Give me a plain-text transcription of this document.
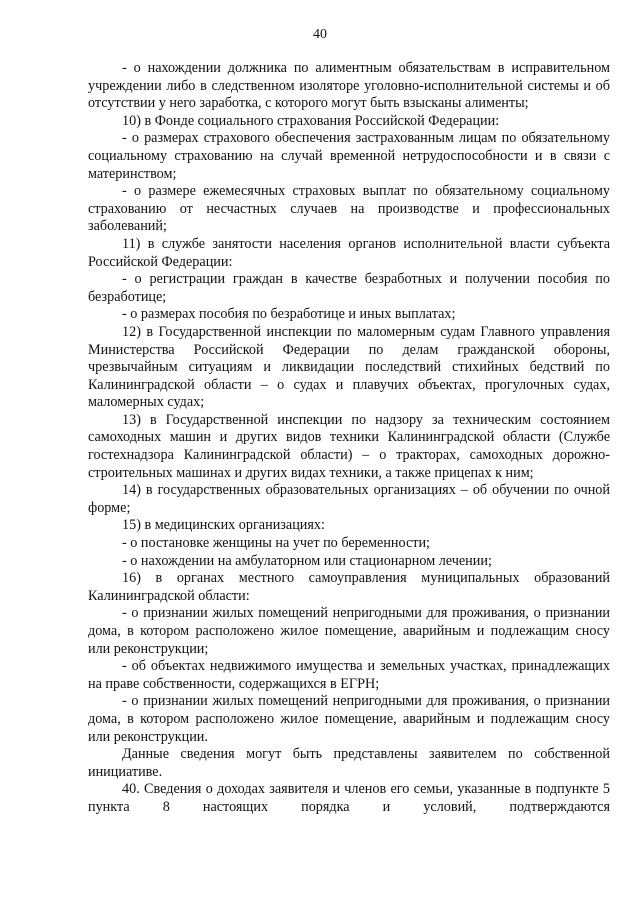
40

- о нахождении должника по алиментным обязательствам в исправительном учреждении либо в следственном изоляторе уголовно-исполнительной системы и об отсутствии у него заработка, с которого могут быть взысканы алименты;

10) в Фонде социального страхования Российской Федерации:

- о размерах страхового обеспечения застрахованным лицам по обязательному социальному страхованию на случай временной нетрудоспособности и в связи с материнством;

- о размере ежемесячных страховых выплат по обязательному социальному страхованию от несчастных случаев на производстве и профессиональных заболеваний;

11) в службе занятости населения органов исполнительной власти субъекта Российской Федерации:

- о регистрации граждан в качестве безработных и получении пособия по безработице;

- о размерах пособия по безработице и иных выплатах;

12) в Государственной инспекции по маломерным судам Главного управления Министерства Российской Федерации по делам гражданской обороны, чрезвычайным ситуациям и ликвидации последствий стихийных бедствий по Калининградской области – о судах и плавучих объектах, прогулочных судах, маломерных судах;

13) в Государственной инспекции по надзору за техническим состоянием самоходных машин и других видов техники Калининградской области (Службе гостехнадзора Калининградской области) – о тракторах, самоходных дорожно-строительных машинах и других видах техники, а также прицепах к ним;

14) в государственных образовательных организациях – об обучении по очной форме;

15) в медицинских организациях:

- о постановке женщины на учет по беременности;

- о нахождении на амбулаторном или стационарном лечении;

16) в органах местного самоуправления муниципальных образований Калининградской области:

- о признании жилых помещений непригодными для проживания, о признании дома, в котором расположено жилое помещение, аварийным и подлежащим сносу или реконструкции;

- об объектах недвижимого имущества и земельных участках, принадлежащих на праве собственности, содержащихся в ЕГРН;

- о признании жилых помещений непригодными для проживания, о признании дома, в котором расположено жилое помещение, аварийным и подлежащим сносу или реконструкции.

Данные сведения могут быть представлены заявителем по собственной инициативе.

40. Сведения о доходах заявителя и членов его семьи, указанные в подпункте 5 пункта 8 настоящих порядка и условий, подтверждаются
